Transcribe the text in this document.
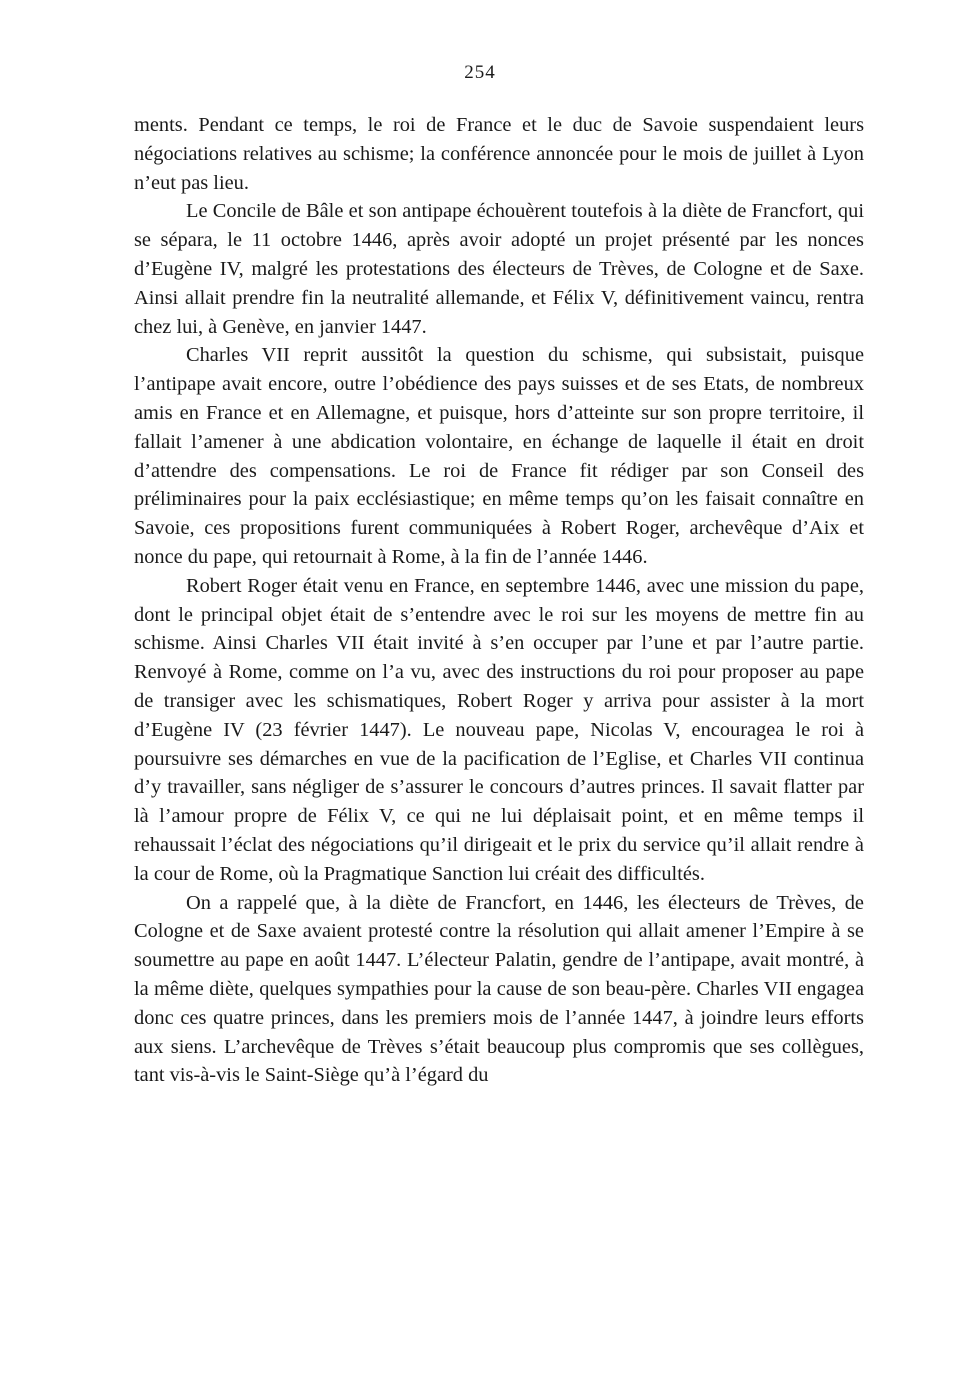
254

ments. Pendant ce temps, le roi de France et le duc de Savoie suspendaient leurs négociations relatives au schisme; la conférence annoncée pour le mois de juillet à Lyon n’eut pas lieu.

Le Concile de Bâle et son antipape échouèrent toutefois à la diète de Francfort, qui se sépara, le 11 octobre 1446, après avoir adopté un projet présenté par les nonces d’Eugène IV, malgré les protestations des électeurs de Trèves, de Cologne et de Saxe. Ainsi allait prendre fin la neutralité allemande, et Félix V, définitivement vaincu, rentra chez lui, à Genève, en janvier 1447.

Charles VII reprit aussitôt la question du schisme, qui subsistait, puisque l’antipape avait encore, outre l’obédience des pays suisses et de ses Etats, de nombreux amis en France et en Allemagne, et puisque, hors d’atteinte sur son propre territoire, il fallait l’amener à une abdication volontaire, en échange de laquelle il était en droit d’attendre des compensations. Le roi de France fit rédiger par son Conseil des préliminaires pour la paix ecclésiastique; en même temps qu’on les faisait connaître en Savoie, ces propositions furent communiquées à Robert Roger, archevêque d’Aix et nonce du pape, qui retournait à Rome, à la fin de l’année 1446.

Robert Roger était venu en France, en septembre 1446, avec une mission du pape, dont le principal objet était de s’entendre avec le roi sur les moyens de mettre fin au schisme. Ainsi Charles VII était invité à s’en occuper par l’une et par l’autre partie. Renvoyé à Rome, comme on l’a vu, avec des instructions du roi pour proposer au pape de transiger avec les schismatiques, Robert Roger y arriva pour assister à la mort d’Eugène IV (23 février 1447). Le nouveau pape, Nicolas V, encouragea le roi à poursuivre ses démarches en vue de la pacification de l’Eglise, et Charles VII continua d’y travailler, sans négliger de s’assurer le concours d’autres princes. Il savait flatter par là l’amour propre de Félix V, ce qui ne lui déplaisait point, et en même temps il rehaussait l’éclat des négociations qu’il dirigeait et le prix du service qu’il allait rendre à la cour de Rome, où la Pragmatique Sanction lui créait des difficultés.

On a rappelé que, à la diète de Francfort, en 1446, les électeurs de Trèves, de Cologne et de Saxe avaient protesté contre la résolution qui allait amener l’Empire à se soumettre au pape en août 1447. L’électeur Palatin, gendre de l’antipape, avait montré, à la même diète, quelques sympathies pour la cause de son beau-père. Charles VII engagea donc ces quatre princes, dans les premiers mois de l’année 1447, à joindre leurs efforts aux siens. L’archevêque de Trèves s’était beaucoup plus compromis que ses collègues, tant vis-à-vis le Saint-Siège qu’à l’égard du
